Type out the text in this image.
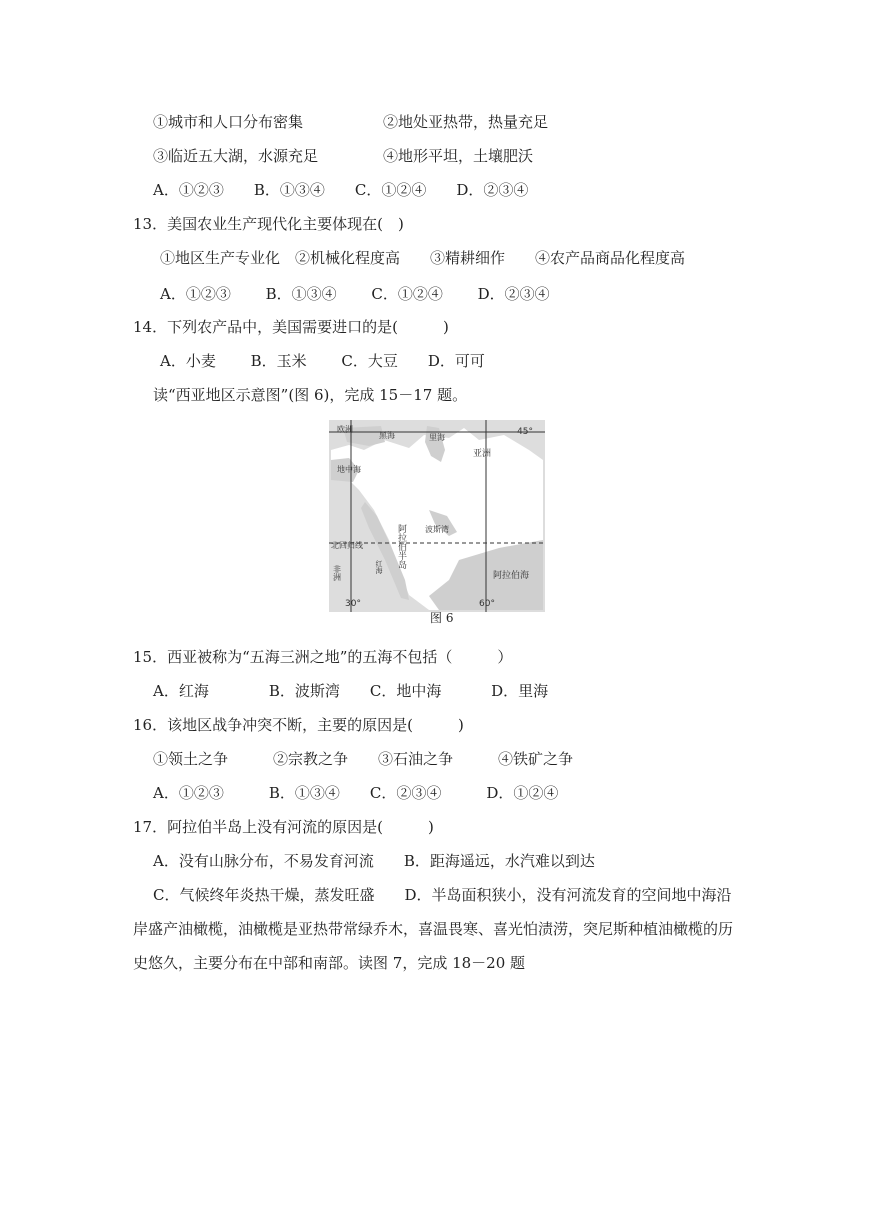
①城市和人口分布密集	②地处亚热带，热量充足
③临近五大湖，水源充足	④地形平坦，土壤肥沃
A．①②③　　B．①③④　　C．①②④　　D．②③④
13．美国农业生产现代化主要体现在(　)
①地区生产专业化　②机械化程度高　　③精耕细作　　④农产品商品化程度高
A．①②③　　 B．①③④　　 C．①②④　　 D．②③④
14．下列农产品中，美国需要进口的是(　　　)
A．小麦　　 B．玉米　　 C．大豆　　D．可可
读“西亚地区示意图”(图 6)，完成 15－17 题。
欧洲
黑海	里海
亚洲
地中海
波斯湾
阿拉伯半岛
北回归线
非洲	红海
阿拉伯海
45°
30°	60°
图 6
15．西亚被称为“五海三洲之地”的五海不包括（　　　）
A．红海　　　　B．波斯湾　　C．地中海　　　 D．里海
16．该地区战争冲突不断，主要的原因是(　　　)
①领土之争　　　②宗教之争　　③石油之争　　　④铁矿之争
A．①②③　　　B．①③④　　C．②③④　　　D．①②④
17．阿拉伯半岛上没有河流的原因是(　　　)
A．没有山脉分布，不易发育河流　　B．距海遥远，水汽难以到达
C．气候终年炎热干燥，蒸发旺盛　　D．半岛面积狭小，没有河流发育的空间地中海沿
岸盛产油橄榄，油橄榄是亚热带常绿乔木，喜温畏寒、喜光怕渍涝，突尼斯种植油橄榄的历
史悠久，主要分布在中部和南部。读图 7，完成 18－20 题
